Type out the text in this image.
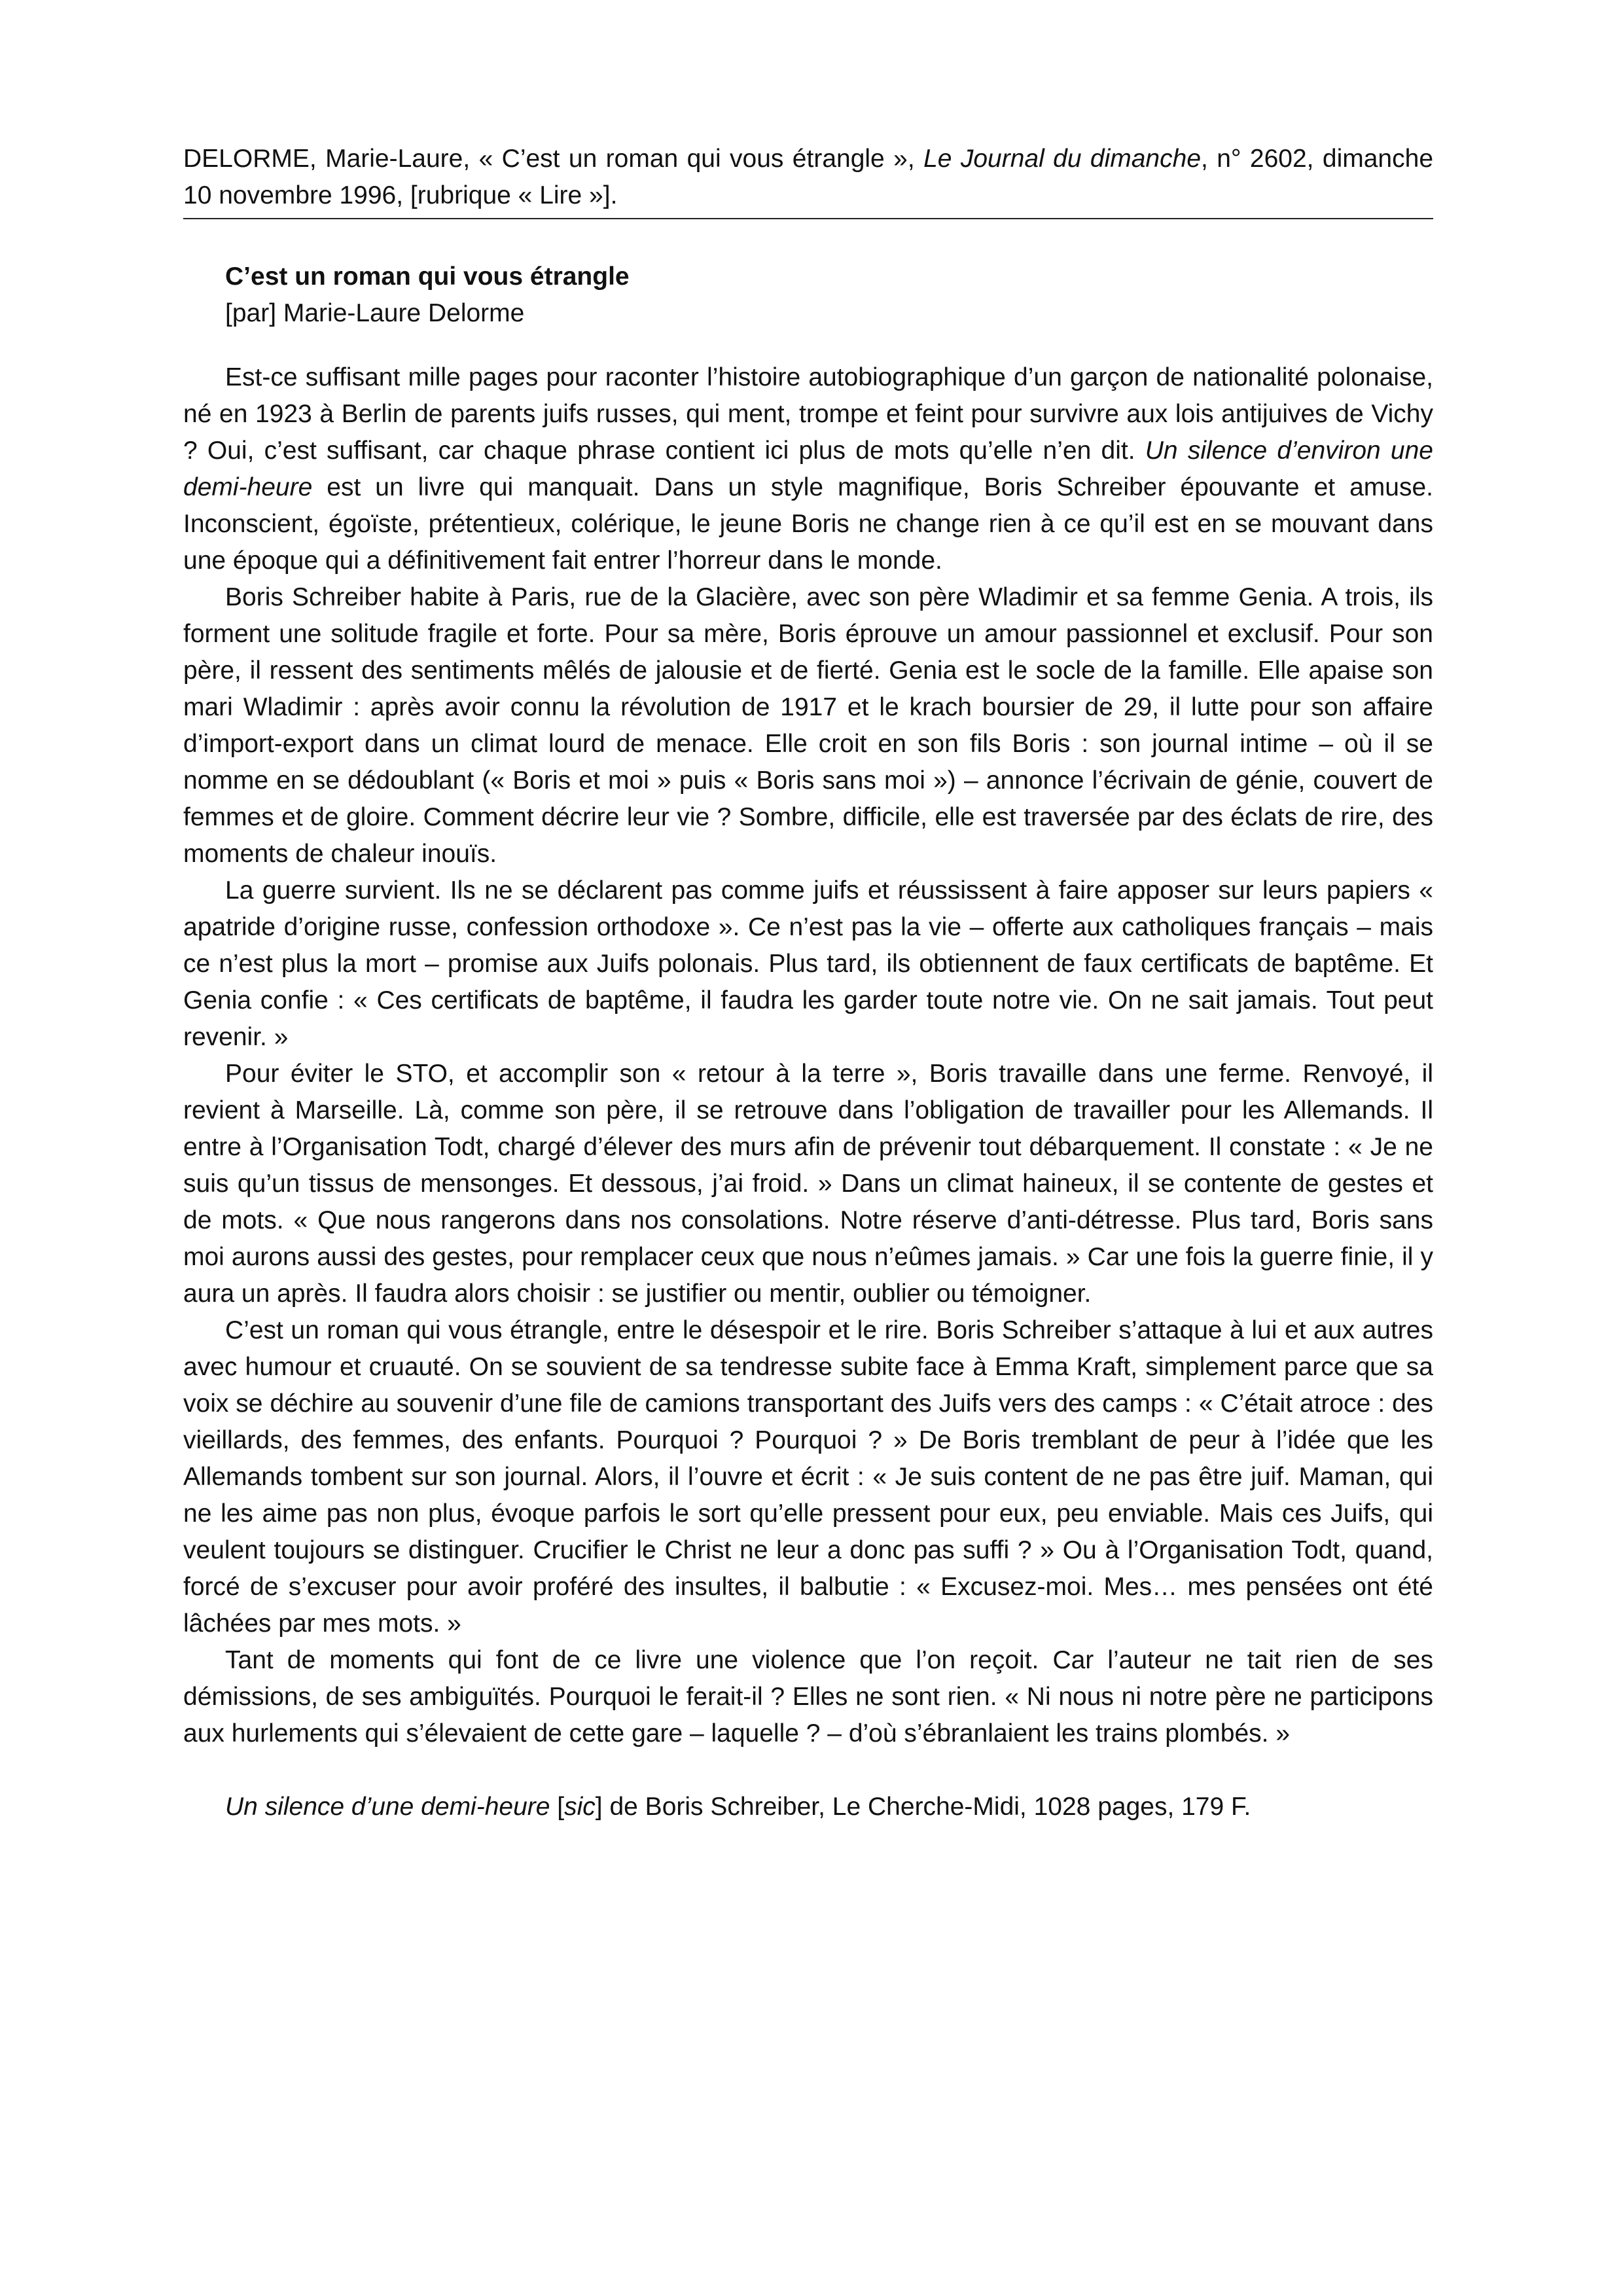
DELORME, Marie-Laure, « C’est un roman qui vous étrangle », Le Journal du dimanche, n° 2602, dimanche 10 novembre 1996, [rubrique « Lire »].
C’est un roman qui vous étrangle
[par] Marie-Laure Delorme

Est-ce suffisant mille pages pour raconter l’histoire autobiographique d’un garçon de nationalité polonaise, né en 1923 à Berlin de parents juifs russes, qui ment, trompe et feint pour survivre aux lois antijuives de Vichy ? Oui, c’est suffisant, car chaque phrase contient ici plus de mots qu’elle n’en dit. Un silence d’environ une demi-heure est un livre qui manquait. Dans un style magnifique, Boris Schreiber épouvante et amuse. Inconscient, égoïste, prétentieux, colérique, le jeune Boris ne change rien à ce qu’il est en se mouvant dans une époque qui a définitivement fait entrer l’horreur dans le monde.

Boris Schreiber habite à Paris, rue de la Glacière, avec son père Wladimir et sa femme Genia. A trois, ils forment une solitude fragile et forte. Pour sa mère, Boris éprouve un amour passionnel et exclusif. Pour son père, il ressent des sentiments mêlés de jalousie et de fierté. Genia est le socle de la famille. Elle apaise son mari Wladimir : après avoir connu la révolution de 1917 et le krach boursier de 29, il lutte pour son affaire d’import-export dans un climat lourd de menace. Elle croit en son fils Boris : son journal intime – où il se nomme en se dédoublant (« Boris et moi » puis « Boris sans moi ») – annonce l’écrivain de génie, couvert de femmes et de gloire. Comment décrire leur vie ? Sombre, difficile, elle est traversée par des éclats de rire, des moments de chaleur inouïs.

La guerre survient. Ils ne se déclarent pas comme juifs et réussissent à faire apposer sur leurs papiers « apatride d’origine russe, confession orthodoxe ». Ce n’est pas la vie – offerte aux catholiques français – mais ce n’est plus la mort – promise aux Juifs polonais. Plus tard, ils obtiennent de faux certificats de baptême. Et Genia confie : « Ces certificats de baptême, il faudra les garder toute notre vie. On ne sait jamais. Tout peut revenir. »

Pour éviter le STO, et accomplir son « retour à la terre », Boris travaille dans une ferme. Renvoyé, il revient à Marseille. Là, comme son père, il se retrouve dans l’obligation de travailler pour les Allemands. Il entre à l’Organisation Todt, chargé d’élever des murs afin de prévenir tout débarquement. Il constate : « Je ne suis qu’un tissus de mensonges. Et dessous, j’ai froid. » Dans un climat haineux, il se contente de gestes et de mots. « Que nous rangerons dans nos consolations. Notre réserve d’anti-détresse. Plus tard, Boris sans moi aurons aussi des gestes, pour remplacer ceux que nous n’eûmes jamais. » Car une fois la guerre finie, il y aura un après. Il faudra alors choisir : se justifier ou mentir, oublier ou témoigner.

C’est un roman qui vous étrangle, entre le désespoir et le rire. Boris Schreiber s’attaque à lui et aux autres avec humour et cruauté. On se souvient de sa tendresse subite face à Emma Kraft, simplement parce que sa voix se déchire au souvenir d’une file de camions transportant des Juifs vers des camps : « C’était atroce : des vieillards, des femmes, des enfants. Pourquoi ? Pourquoi ? » De Boris tremblant de peur à l’idée que les Allemands tombent sur son journal. Alors, il l’ouvre et écrit : « Je suis content de ne pas être juif. Maman, qui ne les aime pas non plus, évoque parfois le sort qu’elle pressent pour eux, peu enviable. Mais ces Juifs, qui veulent toujours se distinguer. Crucifier le Christ ne leur a donc pas suffi ? » Ou à l’Organisation Todt, quand, forcé de s’excuser pour avoir proféré des insultes, il balbutie : « Excusez-moi. Mes… mes pensées ont été lâchées par mes mots. »

Tant de moments qui font de ce livre une violence que l’on reçoit. Car l’auteur ne tait rien de ses démissions, de ses ambiguïtés. Pourquoi le ferait-il ? Elles ne sont rien. « Ni nous ni notre père ne participons aux hurlements qui s’élevaient de cette gare – laquelle ? – d’où s’ébranlaient les trains plombés. »

Un silence d’une demi-heure [sic] de Boris Schreiber, Le Cherche-Midi, 1028 pages, 179 F.
